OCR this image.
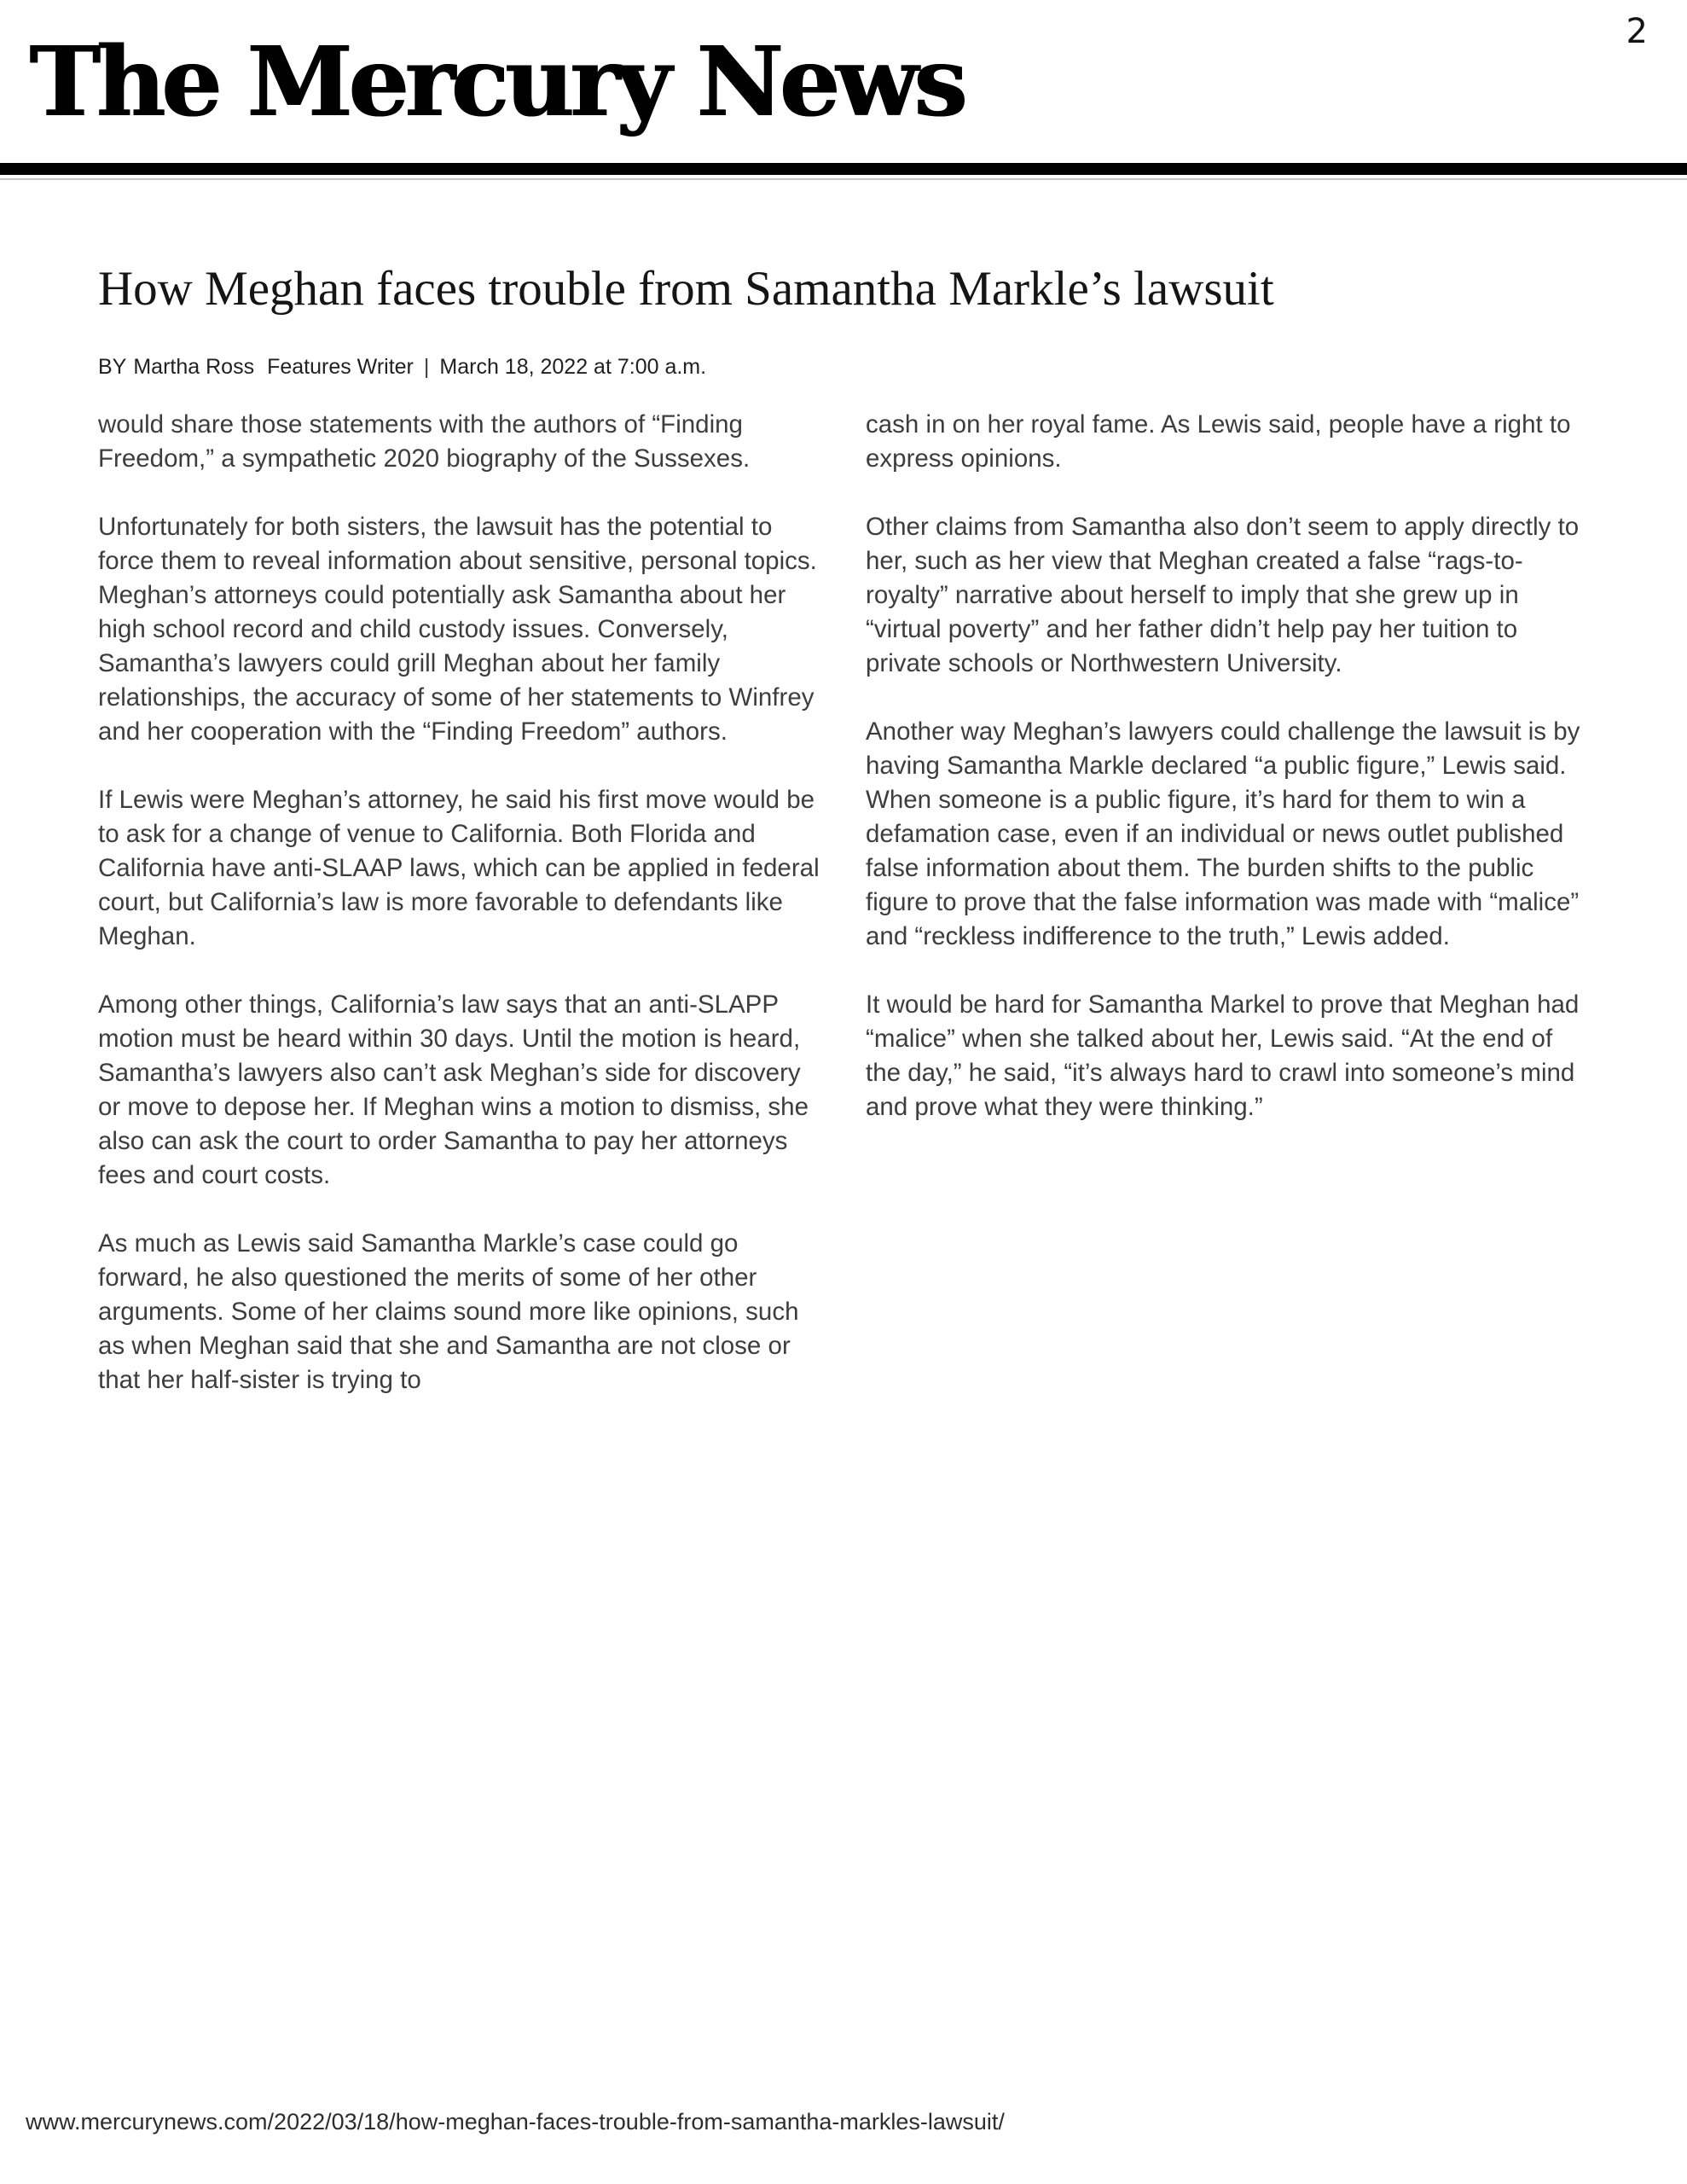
2
The Mercury News
How Meghan faces trouble from Samantha Markle’s lawsuit
BY Martha Ross Features Writer | March 18, 2022 at 7:00 a.m.

would share those statements with the authors of “Finding Freedom,” a sympathetic 2020 biography of the Sussexes.

Unfortunately for both sisters, the lawsuit has the potential to force them to reveal information about sensitive, personal topics. Meghan’s attorneys could potentially ask Samantha about her high school record and child custody issues. Conversely, Samantha’s lawyers could grill Meghan about her family relationships, the accuracy of some of her statements to Winfrey and her cooperation with the “Finding Freedom” authors.

If Lewis were Meghan’s attorney, he said his first move would be to ask for a change of venue to California. Both Florida and California have anti-SLAAP laws, which can be applied in federal court, but California’s law is more favorable to defendants like Meghan.

Among other things, California’s law says that an anti-SLAPP motion must be heard within 30 days. Until the motion is heard, Samantha’s lawyers also can’t ask Meghan’s side for discovery or move to depose her. If Meghan wins a motion to dismiss, she also can ask the court to order Samantha to pay her attorneys fees and court costs.

As much as Lewis said Samantha Markle’s case could go forward, he also questioned the merits of some of her other arguments. Some of her claims sound more like opinions, such as when Meghan said that she and Samantha are not close or that her half-sister is trying to

cash in on her royal fame. As Lewis said, people have a right to express opinions.

Other claims from Samantha also don’t seem to apply directly to her, such as her view that Meghan created a false “rags-to-royalty” narrative about herself to imply that she grew up in “virtual poverty” and her father didn’t help pay her tuition to private schools or Northwestern University.

Another way Meghan’s lawyers could challenge the lawsuit is by having Samantha Markle declared “a public figure,” Lewis said. When someone is a public figure, it’s hard for them to win a defamation case, even if an individual or news outlet published  false information about them. The burden shifts to the public figure to prove that the false information was made with “malice” and “reckless indifference to the truth,” Lewis added.

It would be hard for Samantha Markel to prove that Meghan had “malice” when she talked about her, Lewis said. “At the end of the day,” he said, “it’s always hard to crawl into someone’s mind and prove what they were thinking.”

www.mercurynews.com/2022/03/18/how-meghan-faces-trouble-from-samantha-markles-lawsuit/
